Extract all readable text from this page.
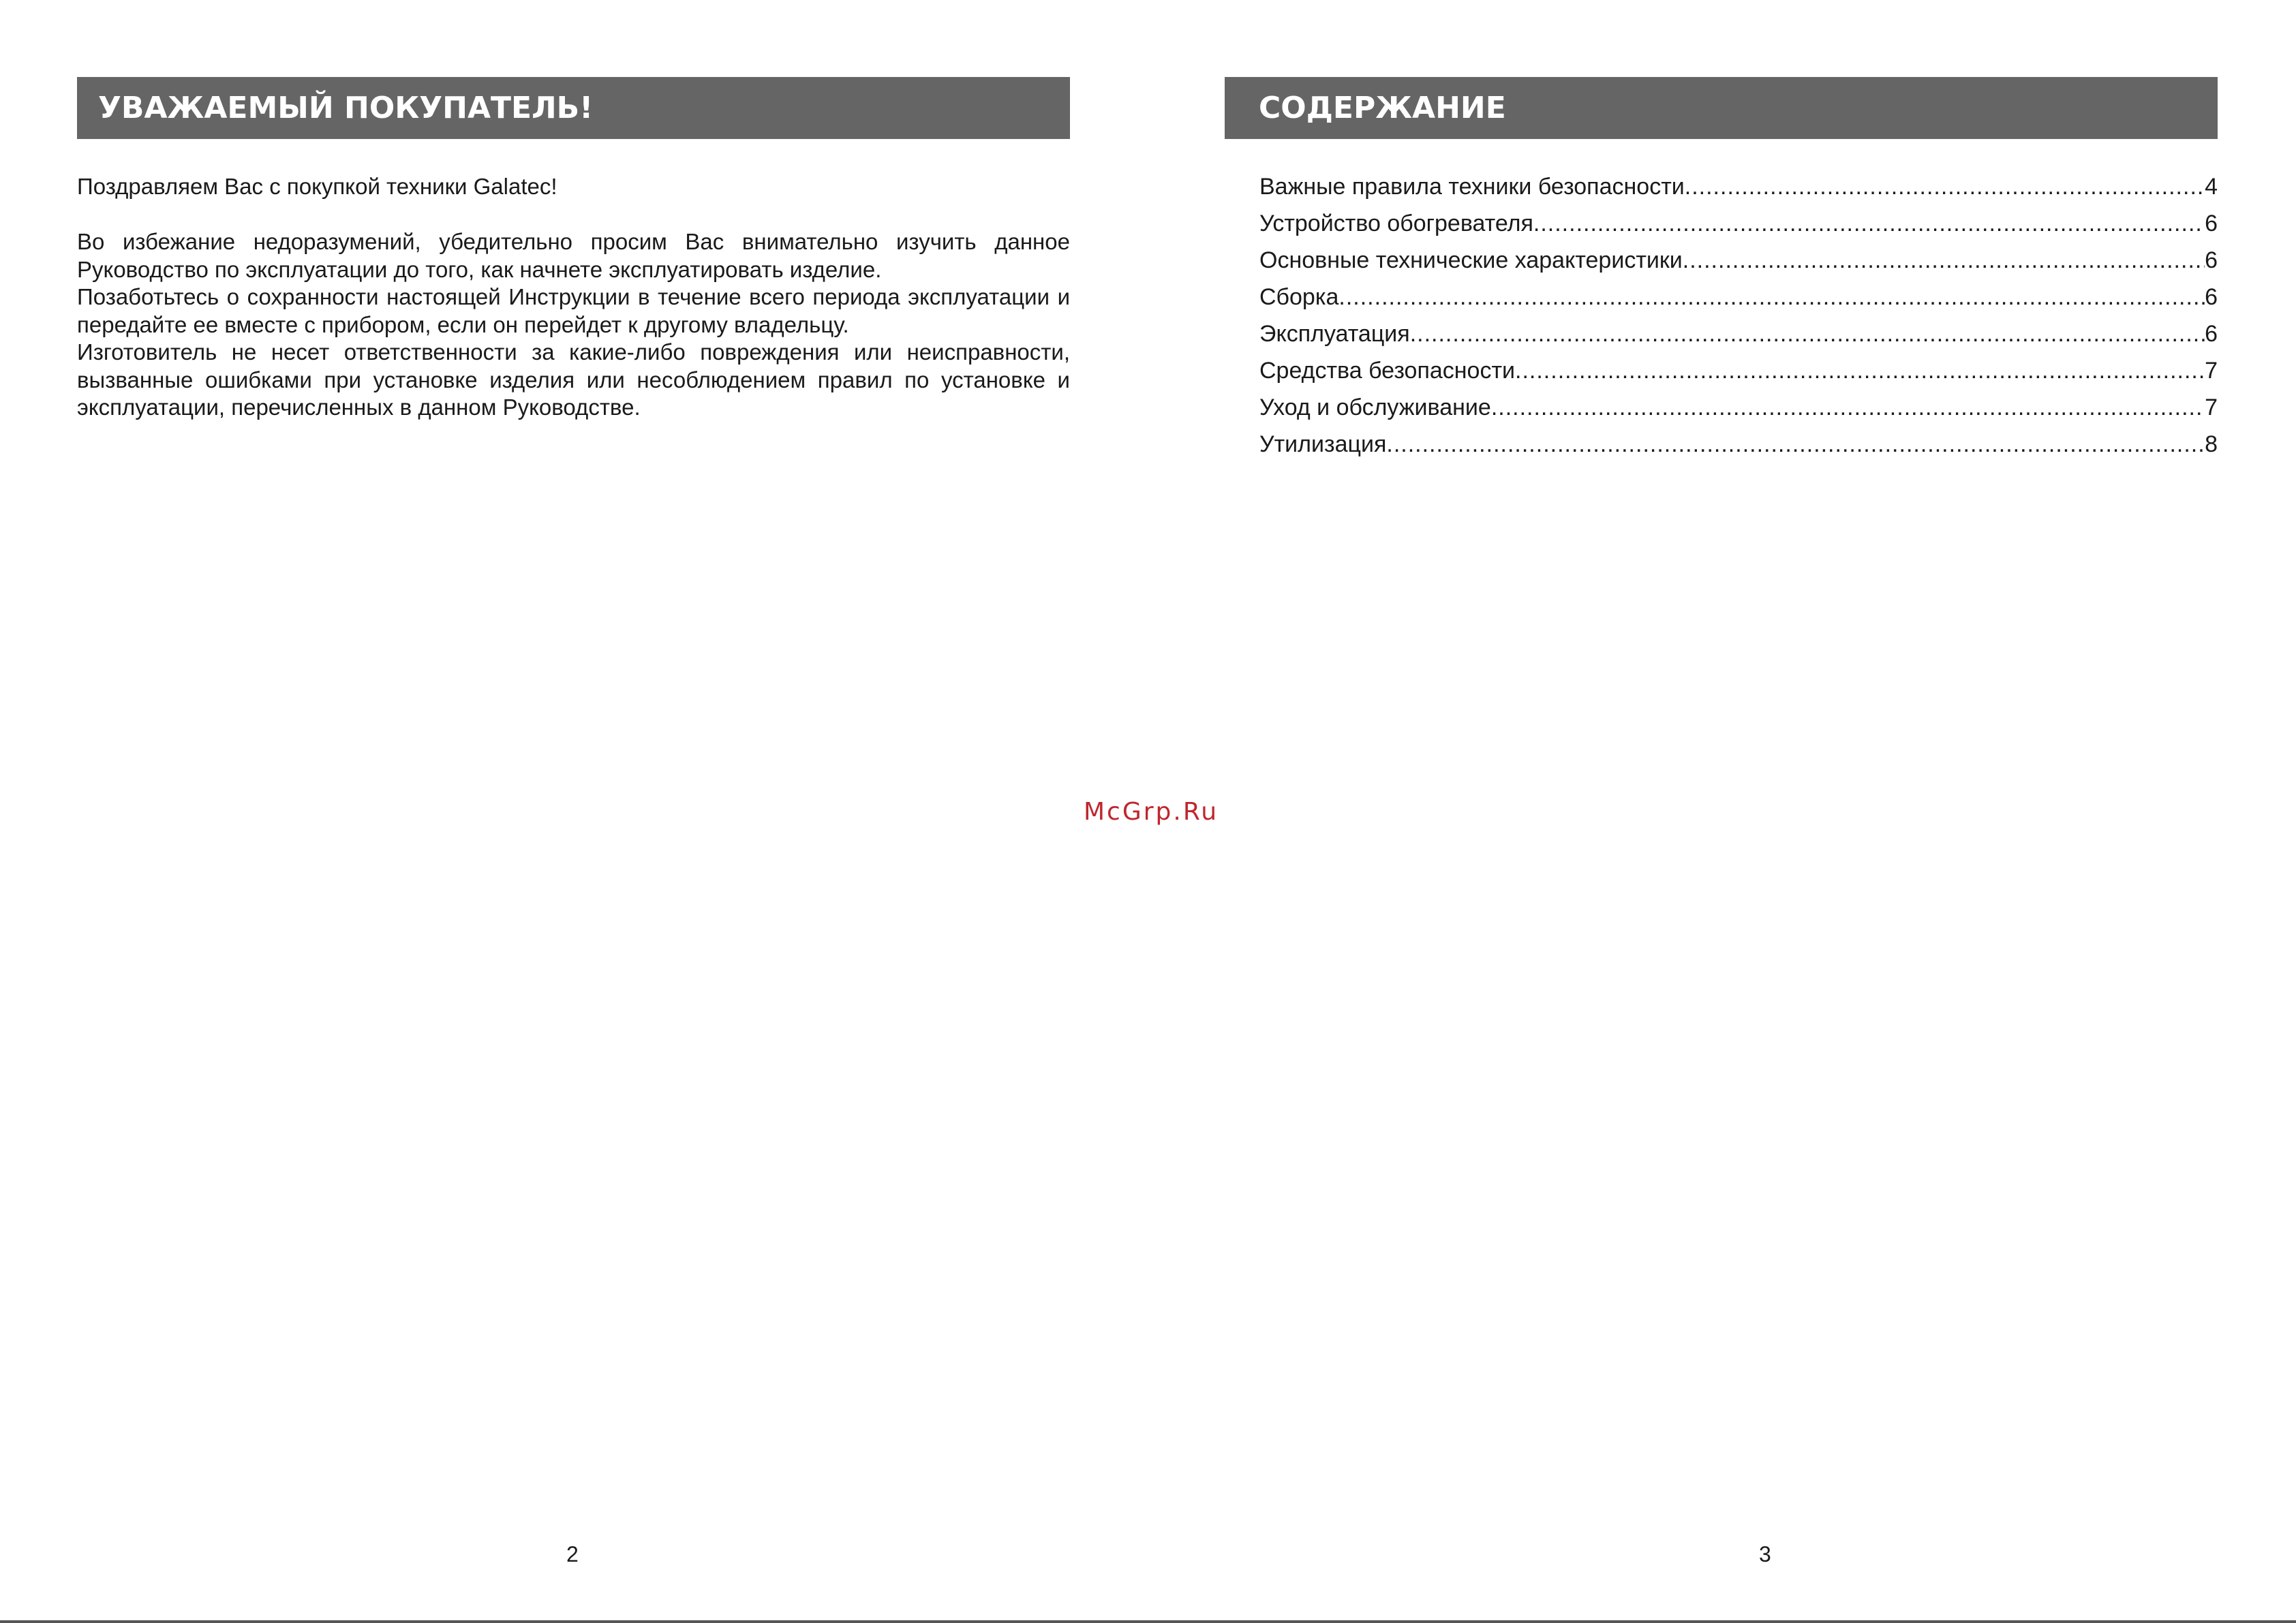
УВАЖАЕМЫЙ ПОКУПАТЕЛЬ!

Поздравляем Вас с покупкой техники Galatec!

Во избежание недоразумений, убедительно просим Вас внимательно изучить данное Руководство по эксплуатации до того, как начнете эксплуатировать изделие.

Позаботьтесь о сохранности настоящей Инструкции в течение всего периода эксплуатации и передайте ее вместе с прибором, если он перейдет к другому владельцу.

Изготовитель не несет ответственности за какие-либо повреждения или неисправности, вызванные ошибками при установке изделия или несоблюдением правил по установке и эксплуатации, перечисленных в данном Руководстве.

2
СОДЕРЖАНИЕ
Важные правила техники безопасности .....	4
Устройство обогревателя .....	6
Основные технические характеристики .....	6
Сборка .....	6
Эксплуатация .....	6
Средства безопасности .....	7
Уход и обслуживание .....	7
Утилизация .....	8
3
McGrp.Ru
